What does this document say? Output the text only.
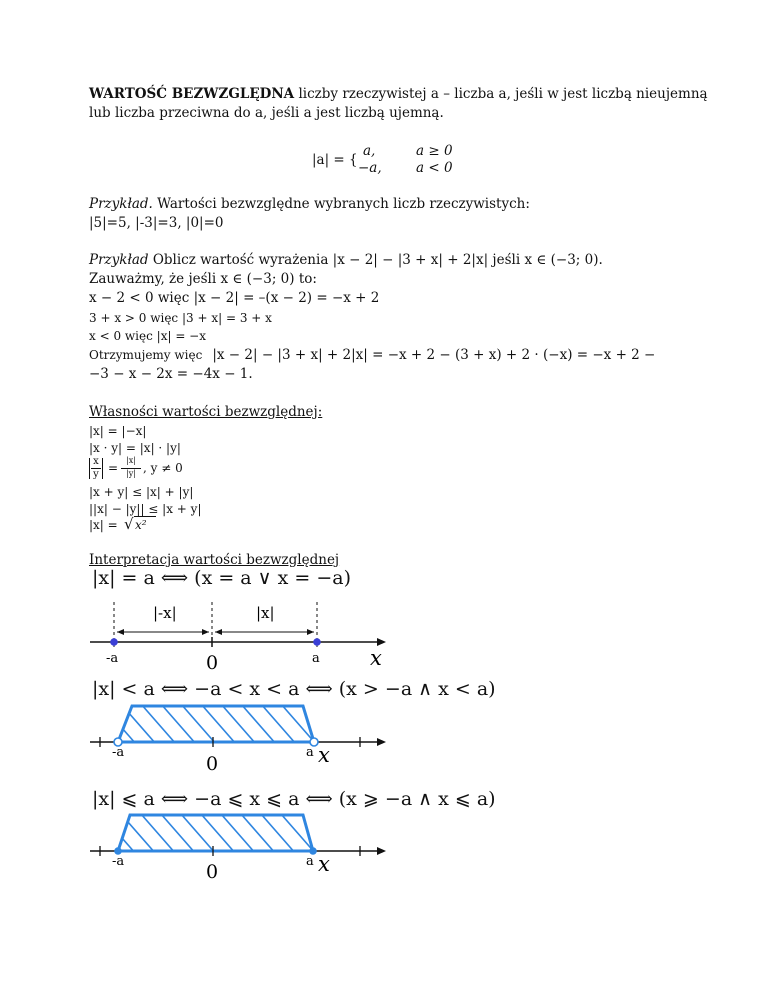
WARTOŚĆ BEZWZGLĘDNA liczby rzeczywistej a – liczba a, jeśli w jest liczbą nieujemną
lub liczba przeciwna do a, jeśli a jest liczbą ujemną.
|a| = {
a,
−a,
a ≥ 0
a < 0
Przykład. Wartości bezwzględne wybranych liczb rzeczywistych:
|5|=5, |-3|=3, |0|=0
Przykład Oblicz wartość wyrażenia |x − 2| − |3 + x| + 2|x| jeśli x ∈ (−3; 0).
Zauważmy, że jeśli x ∈ (−3; 0) to:
x − 2 < 0 więc |x − 2| = –(x − 2) = −x + 2
3 + x > 0 więc |3 + x| = 3 + x
x < 0 więc |x| = −x
Otrzymujemy więc |x − 2| − |3 + x| + 2|x| = −x + 2 − (3 + x) + 2 · (−x) = −x + 2 −
−3 − x − 2x = −4x − 1.
Własności wartości bezwzględnej:
|x| = |−x|
|x · y| = |x| · |y|
x
y =
|x|
|y| , y ≠ 0
|x + y| ≤ |x| + |y|
||x| − |y|| ≤ |x + y|
|x| = √ x²
Interpretacja wartości bezwzględnej
|x| = a ⟺ (x = a ∨ x = −a)
|-x|	|x|
-a	0	a x
|x| < a ⟺ −a < x < a ⟺ (x > −a ∧ x < a)
-a
0
a x
|x| ⩽ a ⟺ −a ⩽ x ⩽ a ⟺ (x ⩾ −a ∧ x ⩽ a)
-a	0	a x
